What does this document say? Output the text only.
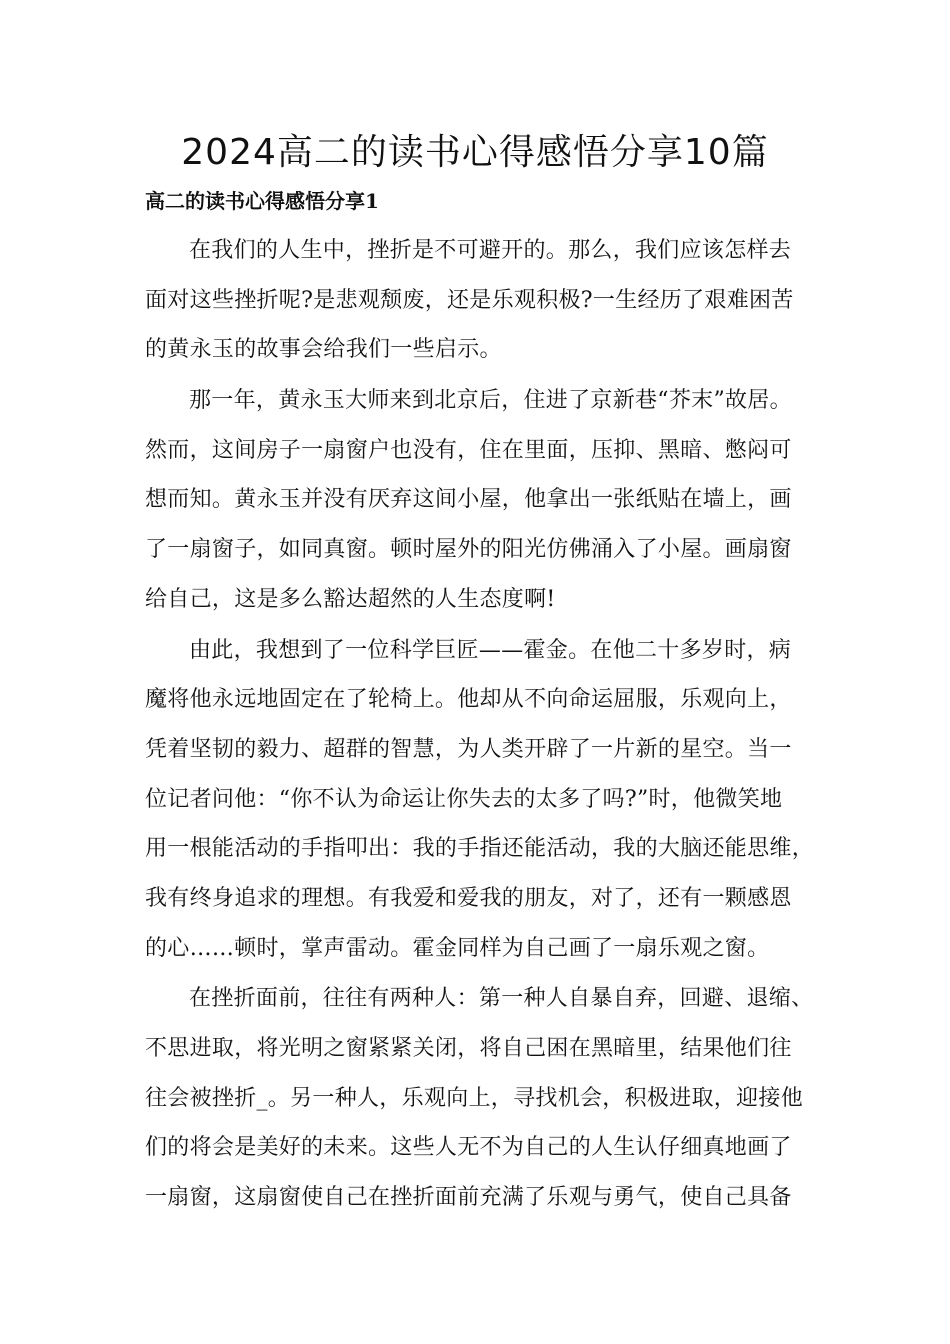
2024高二的读书心得感悟分享10篇
高二的读书心得感悟分享1
在我们的人生中，挫折是不可避开的。那么，我们应该怎样去
面对这些挫折呢?是悲观颓废，还是乐观积极?一生经历了艰难困苦
的黄永玉的故事会给我们一些启示。
那一年，黄永玉大师来到北京后，住进了京新巷“芥末”故居。
然而，这间房子一扇窗户也没有，住在里面，压抑、黑暗、憋闷可
想而知。黄永玉并没有厌弃这间小屋，他拿出一张纸贴在墙上，画
了一扇窗子，如同真窗。顿时屋外的阳光仿佛涌入了小屋。画扇窗
给自己，这是多么豁达超然的人生态度啊!
由此，我想到了一位科学巨匠——霍金。在他二十多岁时，病
魔将他永远地固定在了轮椅上。他却从不向命运屈服，乐观向上，
凭着坚韧的毅力、超群的智慧，为人类开辟了一片新的星空。当一
位记者问他：“你不认为命运让你失去的太多了吗?”时，他微笑地
用一根能活动的手指叩出：我的手指还能活动，我的大脑还能思维，
我有终身追求的理想。有我爱和爱我的朋友，对了，还有一颗感恩
的心……顿时，掌声雷动。霍金同样为自己画了一扇乐观之窗。
在挫折面前，往往有两种人：第一种人自暴自弃，回避、退缩、
不思进取，将光明之窗紧紧关闭，将自己困在黑暗里，结果他们往
往会被挫折_。另一种人，乐观向上，寻找机会，积极进取，迎接他
们的将会是美好的未来。这些人无不为自己的人生认仔细真地画了
一扇窗，这扇窗使自己在挫折面前充满了乐观与勇气，使自己具备
